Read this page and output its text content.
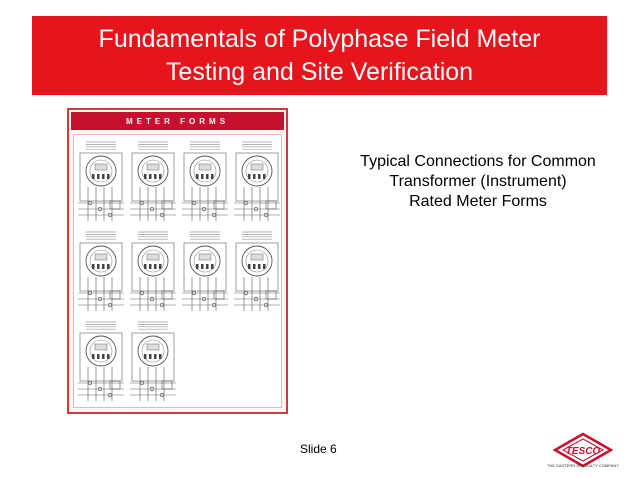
Fundamentals of Polyphase Field Meter
Testing and Site Verification
METER FORMS
Typical Connections for Common
Transformer (Instrument)
Rated Meter Forms
Slide 6	TESCO
THE EASTERN SPECIALTY COMPANY
